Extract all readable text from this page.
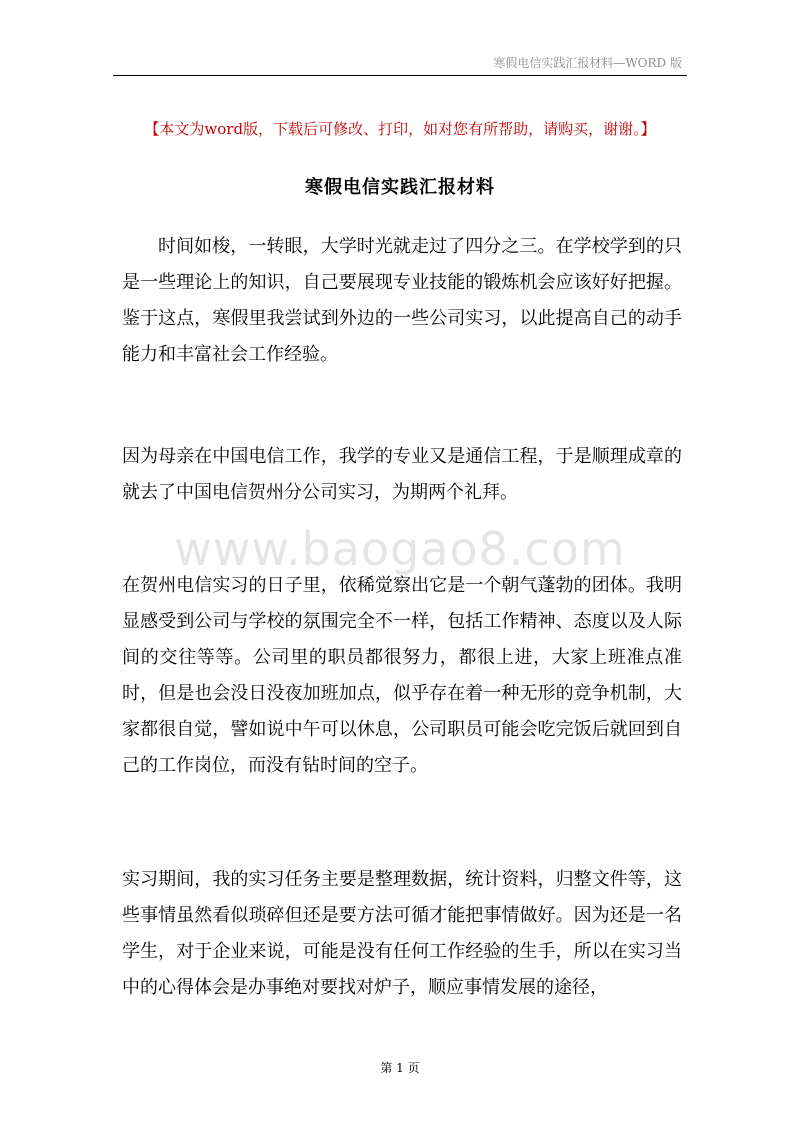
寒假电信实践汇报材料—WORD 版
【本文为word版，下载后可修改、打印，如对您有所帮助，请购买，谢谢。】
寒假电信实践汇报材料

时间如梭，一转眼，大学时光就走过了四分之三。在学校学到的只是一些理论上的知识，自己要展现专业技能的锻炼机会应该好好把握。鉴于这点，寒假里我尝试到外边的一些公司实习，以此提高自己的动手能力和丰富社会工作经验。

因为母亲在中国电信工作，我学的专业又是通信工程，于是顺理成章的就去了中国电信贺州分公司实习，为期两个礼拜。

www.baogao8.com

在贺州电信实习的日子里，依稀觉察出它是一个朝气蓬勃的团体。我明显感受到公司与学校的氛围完全不一样，包括工作精神、态度以及人际间的交往等等。公司里的职员都很努力，都很上进，大家上班准点准时，但是也会没日没夜加班加点，似乎存在着一种无形的竞争机制，大家都很自觉，譬如说中午可以休息，公司职员可能会吃完饭后就回到自己的工作岗位，而没有钻时间的空子。

实习期间，我的实习任务主要是整理数据，统计资料，归整文件等，这些事情虽然看似琐碎但还是要方法可循才能把事情做好。因为还是一名学生，对于企业来说，可能是没有任何工作经验的生手，所以在实习当中的心得体会是办事绝对要找对炉子，顺应事情发展的途径，

第 1 页
